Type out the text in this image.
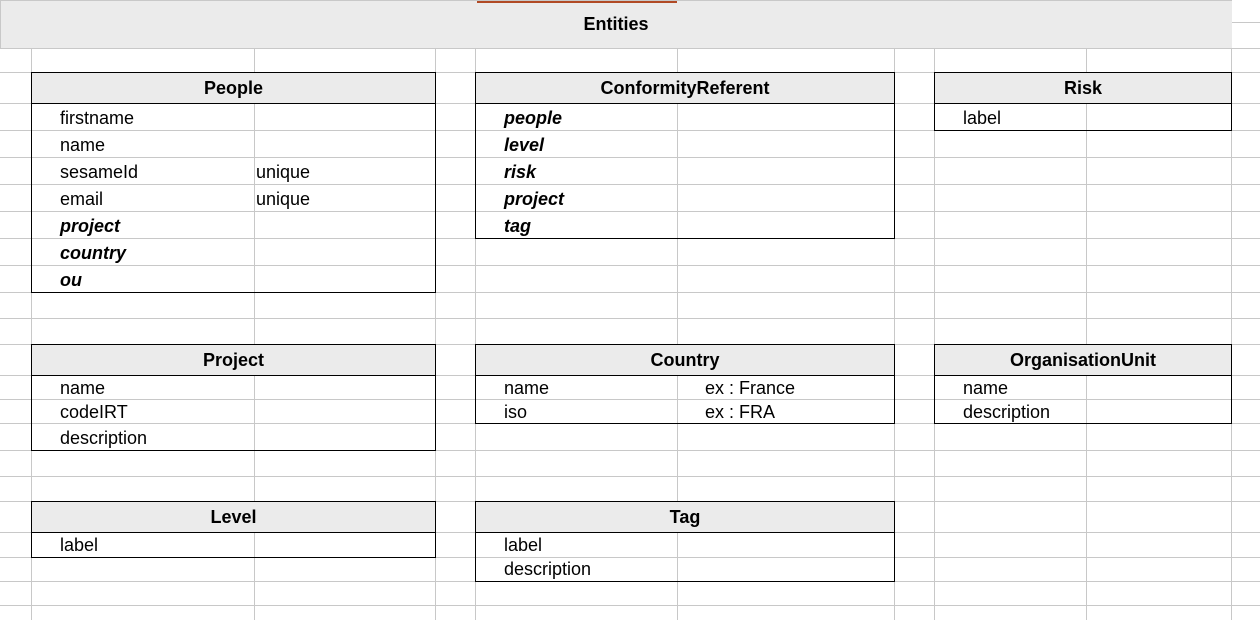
Entities
People
firstname
name
sesameId	unique
email	unique
project
country
ou
ConformityReferent
people
level
risk
project
tag
Risk
label
Project
name
codeIRT
description
Country
name	ex : France
iso	ex : FRA
OrganisationUnit
name
description
Level
label
Tag
label
description
